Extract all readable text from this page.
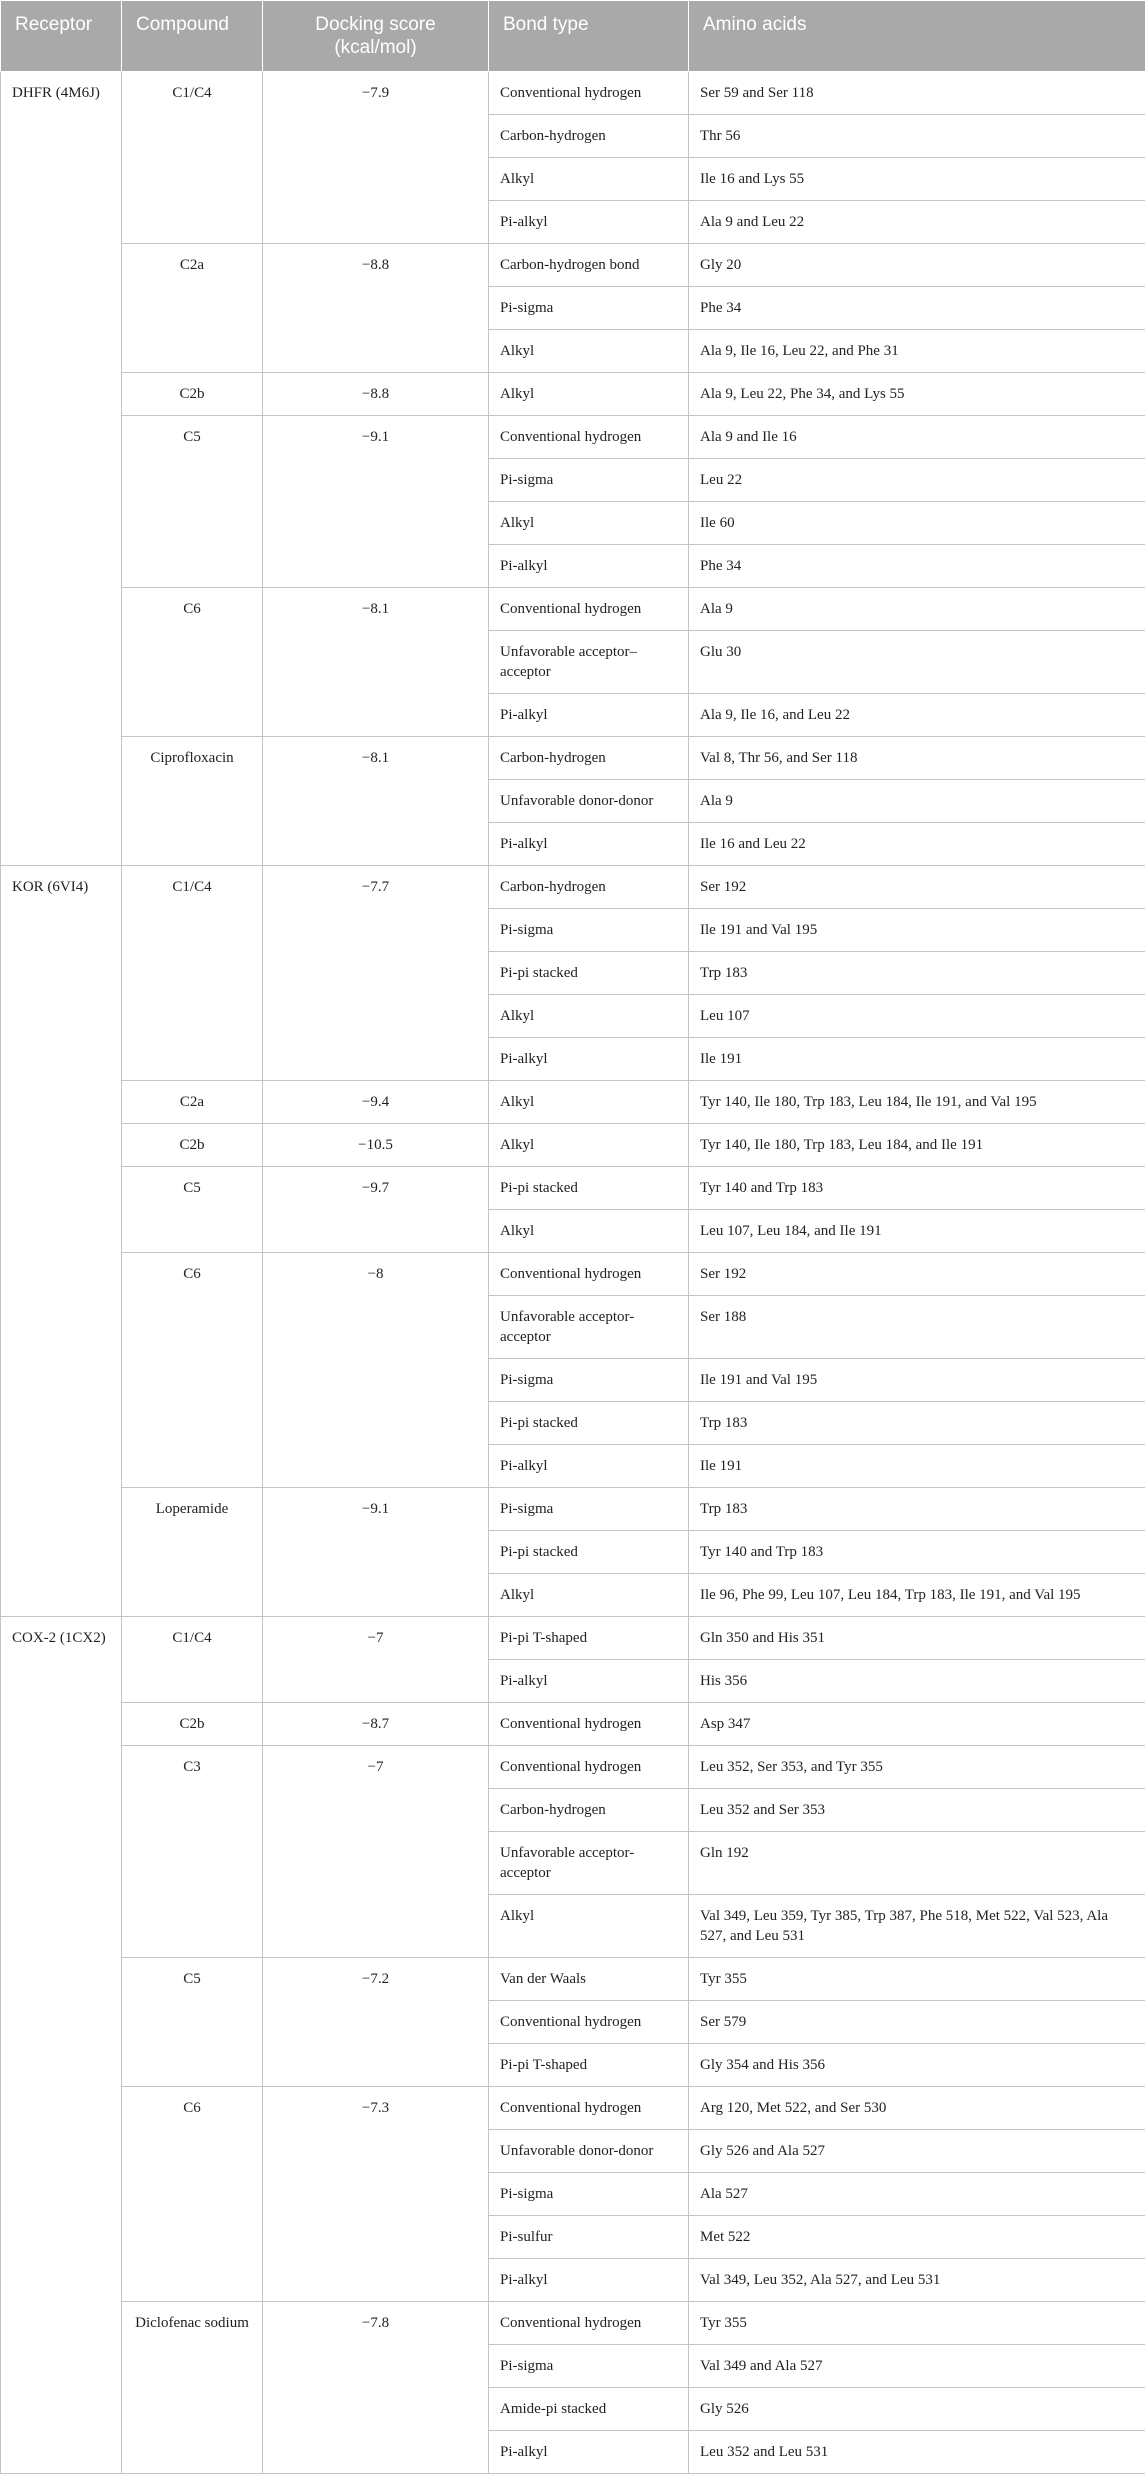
Receptor	Compound	Docking score (kcal/mol)	Bond type	Amino acids
DHFR (4M6J)	C1/C4	−7.9	Conventional hydrogen	Ser 59 and Ser 118
			Carbon-hydrogen	Thr 56
			Alkyl	Ile 16 and Lys 55
			Pi-alkyl	Ala 9 and Leu 22
	C2a	−8.8	Carbon-hydrogen bond	Gly 20
			Pi-sigma	Phe 34
			Alkyl	Ala 9, Ile 16, Leu 22, and Phe 31
	C2b	−8.8	Alkyl	Ala 9, Leu 22, Phe 34, and Lys 55
	C5	−9.1	Conventional hydrogen	Ala 9 and Ile 16
			Pi-sigma	Leu 22
			Alkyl	Ile 60
			Pi-alkyl	Phe 34
	C6	−8.1	Conventional hydrogen	Ala 9
			Unfavorable acceptor–acceptor	Glu 30
			Pi-alkyl	Ala 9, Ile 16, and Leu 22
	Ciprofloxacin	−8.1	Carbon-hydrogen	Val 8, Thr 56, and Ser 118
			Unfavorable donor-donor	Ala 9
			Pi-alkyl	Ile 16 and Leu 22
KOR (6VI4)	C1/C4	−7.7	Carbon-hydrogen	Ser 192
			Pi-sigma	Ile 191 and Val 195
			Pi-pi stacked	Trp 183
			Alkyl	Leu 107
			Pi-alkyl	Ile 191
	C2a	−9.4	Alkyl	Tyr 140, Ile 180, Trp 183, Leu 184, Ile 191, and Val 195
	C2b	−10.5	Alkyl	Tyr 140, Ile 180, Trp 183, Leu 184, and Ile 191
	C5	−9.7	Pi-pi stacked	Tyr 140 and Trp 183
			Alkyl	Leu 107, Leu 184, and Ile 191
	C6	−8	Conventional hydrogen	Ser 192
			Unfavorable acceptor-acceptor	Ser 188
			Pi-sigma	Ile 191 and Val 195
			Pi-pi stacked	Trp 183
			Pi-alkyl	Ile 191
	Loperamide	−9.1	Pi-sigma	Trp 183
			Pi-pi stacked	Tyr 140 and Trp 183
			Alkyl	Ile 96, Phe 99, Leu 107, Leu 184, Trp 183, Ile 191, and Val 195
COX-2 (1CX2)	C1/C4	−7	Pi-pi T-shaped	Gln 350 and His 351
			Pi-alkyl	His 356
	C2b	−8.7	Conventional hydrogen	Asp 347
	C3	−7	Conventional hydrogen	Leu 352, Ser 353, and Tyr 355
			Carbon-hydrogen	Leu 352 and Ser 353
			Unfavorable acceptor-acceptor	Gln 192
			Alkyl	Val 349, Leu 359, Tyr 385, Trp 387, Phe 518, Met 522, Val 523, Ala 527, and Leu 531
	C5	−7.2	Van der Waals	Tyr 355
			Conventional hydrogen	Ser 579
			Pi-pi T-shaped	Gly 354 and His 356
	C6	−7.3	Conventional hydrogen	Arg 120, Met 522, and Ser 530
			Unfavorable donor-donor	Gly 526 and Ala 527
			Pi-sigma	Ala 527
			Pi-sulfur	Met 522
			Pi-alkyl	Val 349, Leu 352, Ala 527, and Leu 531
	Diclofenac sodium	−7.8	Conventional hydrogen	Tyr 355
			Pi-sigma	Val 349 and Ala 527
			Amide-pi stacked	Gly 526
			Pi-alkyl	Leu 352 and Leu 531
